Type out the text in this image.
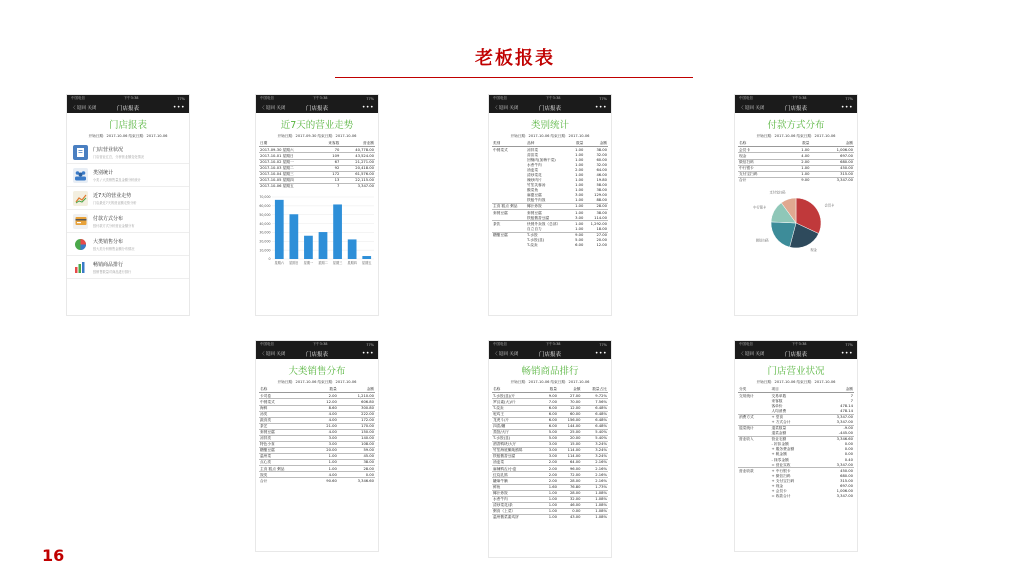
老板报表
16
中国电信	下午3:38	77%
〈 返回 关闭	门店报表	•••
门店报表
开始日期：2017-10-06 结束日期：2017-10-06
门店营业状况
门店营业汇总，分析营业额变化情况
类别统计
小类 / 大类销售量及金额分析统计
近7天的营业走势
门店最近7天的营业额走势分析
付款方式分布
按付款方式分析营业金额分布
大类销售分布
按大类分析销售金额分布情况
畅销商品排行
按销售数量对商品进行排行
中国电信	下午3:38	77%
〈 返回 关闭	门店报表	•••
近7天的营业走势
开始日期：2017-09-30 结束日期：2017-10-06
日期	来客数	营业额
2017-09-30 星期六	70	40,778.00
2017-10-01 星期日	109	43,524.00
2017-10-02 星期一	67	21,271.00
2017-10-03 星期二	92	20,418.00
2017-10-04 星期三	172	61,576.00
2017-10-05 星期四	13	22,115.00
2017-10-06 星期五	7	3,347.00
70,000
60,000
50,000
40,000
30,000
20,000
10,000
0
星期六 星期日 星期一 星期二 星期三 星期四 星期五
中国电信	下午3:38	77%
〈 返回 关闭	门店报表	•••
类别统计
开始日期：2017-10-06 结束日期：2017-10-06
类别	品种	数量	金额
中餐菜式	凉拌菜	1.00	38.00
	蒜苗菜	1.00	32.00
	回锅肉(加梅干菜)	1.00	60.00
	水煮牛肉	1.00	32.00
	油麦菜	2.00	64.00
	清炒菜花	1.00	46.00
	辣炒肉片	1.00	19.80
	竹笙芙蓉汤	1.00	58.00
	酸菜鱼	1.00	38.00
	麻婆豆腐	3.00	129.00
	铁板牛肉饭	1.00	88.00
主食 糕点 粥品	椰汁炒饭	1.00	28.00
套餐豆腐	套餐豆腐	1.00	38.00
	铁板酱香豆腐	3.00	114.00
茶饮	快餐外卖饭（总部）	1.00	1,292.00
	自立自力	1.00	18.00
糖醋豆腐	T-水饺	9.00	27.00
	T-水饺(韭)	5.00	20.00
	T-烧卖	6.00	12.00
中国电信	下午3:38	77%
〈 返回 关闭	门店报表	•••
付款方式分布
开始日期：2017-10-06 结束日期：2017-10-06
名称	数量	金额
会员卡	1.00	1,006.00
现金	4.00	697.00
微信扫码	2.00	680.00
中行银卡	1.00	450.00
支付宝扫码	1.00	315.00
合计	9.00	3,347.00
会员卡
现金
微信扫码
中行银卡
支付宝扫码
中国电信	下午3:38	77%
〈 返回 关闭	门店报表	•••
大类销售分布
开始日期：2017-10-06 结束日期：2017-10-06
名称	数量	金额
卡司卷	2.00	1,210.00
中餐菜式	12.00	606.80
海鲜	8.60	300.80
汤类	4.00	222.00
蔬食类	4.00	172.00
茶艺	21.00	170.00
套餐豆腐	4.00	150.00
凉拌类	3.00	140.00
特色小食	3.00	108.00
糖醋豆腐	20.00	59.00
温州菜	1.00	45.00
点心类	1.00	38.00
主食 糕点 粥品	1.00	28.00
饭类	4.00	0.00
合计	90.60	3,346.60
中国电信	下午3:38	77%
〈 返回 关闭	门店报表	•••
畅销商品排行
开始日期：2017-10-06 结束日期：2017-10-06
名称	数量	金额	数量占比
T-水饺(韭)/斤	9.00	27.00	9.72%
罗汉素(大)/斤	7.00	70.00	7.56%
T-烧卖	6.00	12.00	6.48%
驼鸡王	6.00	60.00	6.48%
龙虎斗/斤	6.00	156.00	6.48%
四喜/罐	6.00	144.00	6.48%
蒸饺/大厅	5.00	25.00	5.40%
T-水饺(韭)	5.00	20.00	5.40%
酒香鸭块/大厅	3.00	15.00	3.24%
竹笙海底椰炖鹧鸪	3.00	114.00	3.24%
铁板酱香豆腐	3.00	114.00	3.24%
油麦菜	2.00	64.00	2.16%
麻辣鸭舌/小盒	2.00	96.00	2.16%
红烧乳鸽	2.00	72.00	2.16%
罐焖牛腩	2.00	28.00	2.16%
鲜鱼	1.60	76.80	1.73%
椰汁炒饭	1.00	28.00	1.08%
水煮牛肉	1.00	32.00	1.08%
清炒菜花/条	1.00	46.00	1.08%
粥食（上菜）	1.00	0.00	1.08%
温州酱菜素鸡饼	1.00	43.00	1.08%
中国电信	下午3:38	77%
〈 返回 关闭	门店报表	•••
门店营业状况
开始日期：2017-10-06 结束日期：2017-10-06
分类	项目	金额
交易统计	交易单数	7
	来客数	7
	客单价	478.14
	人均消费	478.14
消费方式	+ 堂食	3,347.00
	+ 方式合计	3,347.00
退菜统计	退菜数量	-9.00
	退菜金额	-445.00
营业收入	营业毛额	3,346.60
	- 折扣金额	0.00
	+ 服务费金额	0.00
	+ 税金额	0.00
	- 抹零金额	0.40
	= 营业实收	3,347.00
营业收款	+ 中行银卡	450.00
	+ 微信扫码	680.00
	+ 支付宝扫码	315.00
	+ 现金	697.00
	+ 会员卡	1,006.00
	= 收款合计	3,347.00
